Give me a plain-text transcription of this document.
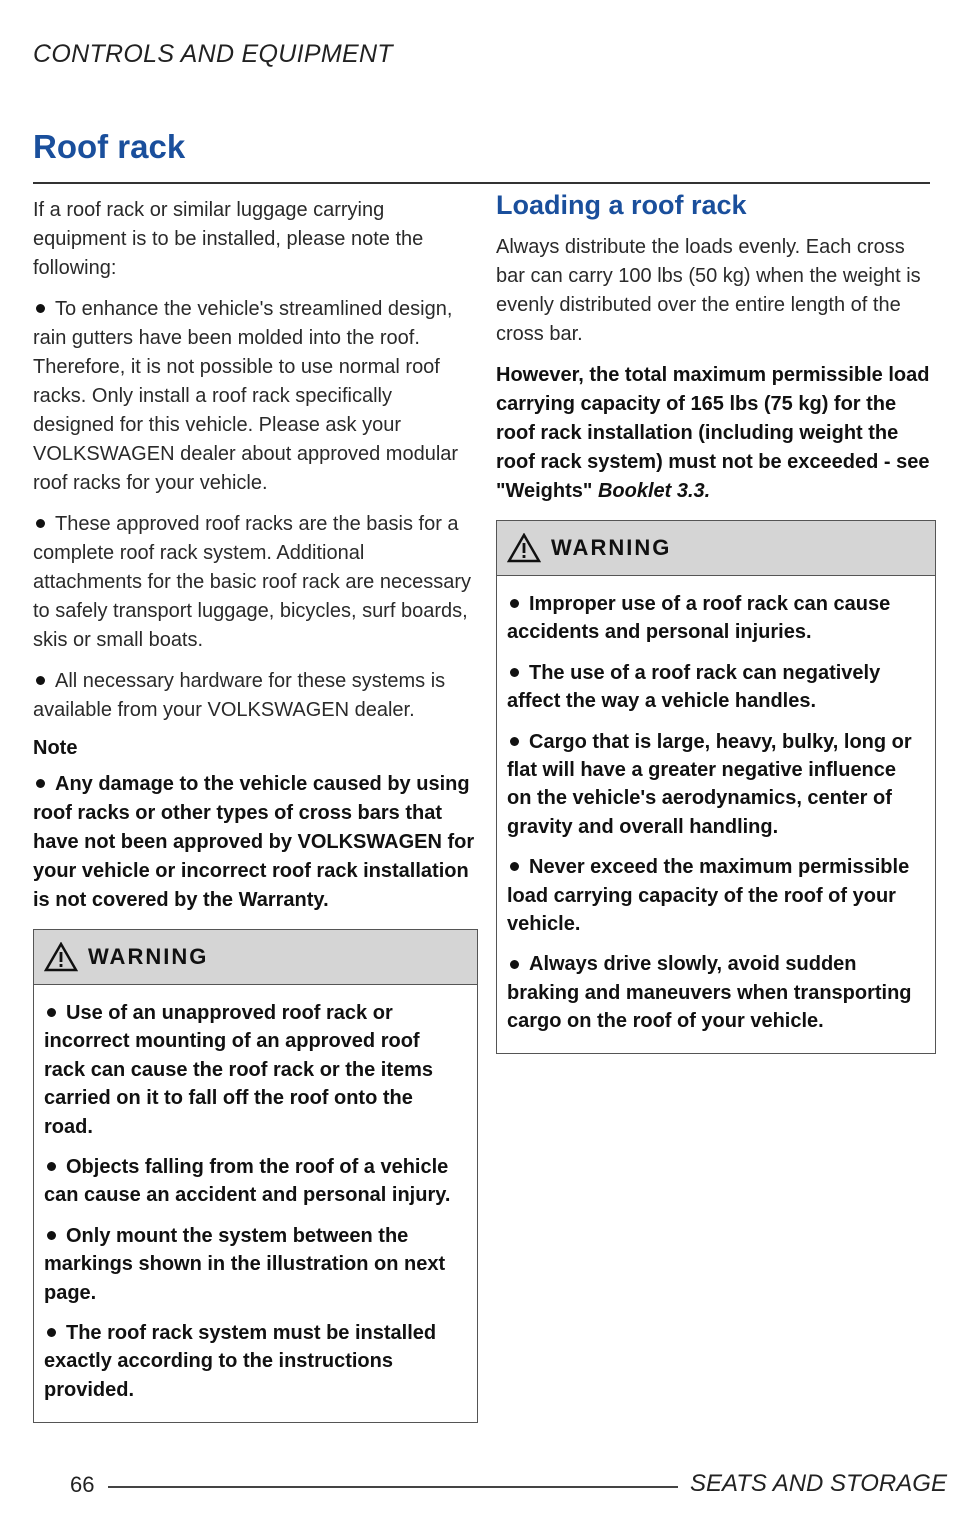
CONTROLS AND EQUIPMENT
Roof rack

If a roof rack or similar luggage carrying equipment is to be installed, please note the following:

To enhance the vehicle's streamlined design, rain gutters have been molded into the roof. Therefore, it is not possible to use normal roof racks. Only install a roof rack specifically designed for this vehicle. Please ask your VOLKSWAGEN dealer about approved modular roof racks for your vehicle.

These approved roof racks are the basis for a complete roof rack system. Additional attachments for the basic roof rack are necessary to safely transport luggage, bicycles, surf boards, skis or small boats.

All necessary hardware for these systems is available from your VOLKSWAGEN dealer.

Note

Any damage to the vehicle caused by using roof racks or other types of cross bars that have not been approved by VOLKSWAGEN for your vehicle or incorrect roof rack installation is not covered by the Warranty.

WARNING

Use of an unapproved roof rack or incorrect mounting of an approved roof rack can cause the roof rack or the items carried on it to fall off the roof onto the road.

Objects falling from the roof of a vehicle can cause an accident and personal injury.

Only mount the system between the markings shown in the illustration on next page.

The roof rack system must be installed exactly according to the instructions provided.

Loading a roof rack

Always distribute the loads evenly. Each cross bar can carry 100 lbs (50 kg) when the weight is evenly distributed over the entire length of the cross bar.

However, the total maximum permissible load carrying capacity of 165 lbs (75 kg) for the roof rack installation (including weight the roof rack system) must not be exceeded - see "Weights" Booklet 3.3.

WARNING

Improper use of a roof rack can cause accidents and personal injuries.

The use of a roof rack can negatively affect the way a vehicle handles.

Cargo that is large, heavy, bulky, long or flat will have a greater negative influence on the vehicle's aerodynamics, center of gravity and overall handling.

Never exceed the maximum permissible load carrying capacity of the roof of your vehicle.

Always drive slowly, avoid sudden braking and maneuvers when transporting cargo on the roof of your vehicle.

66	SEATS AND STORAGE
